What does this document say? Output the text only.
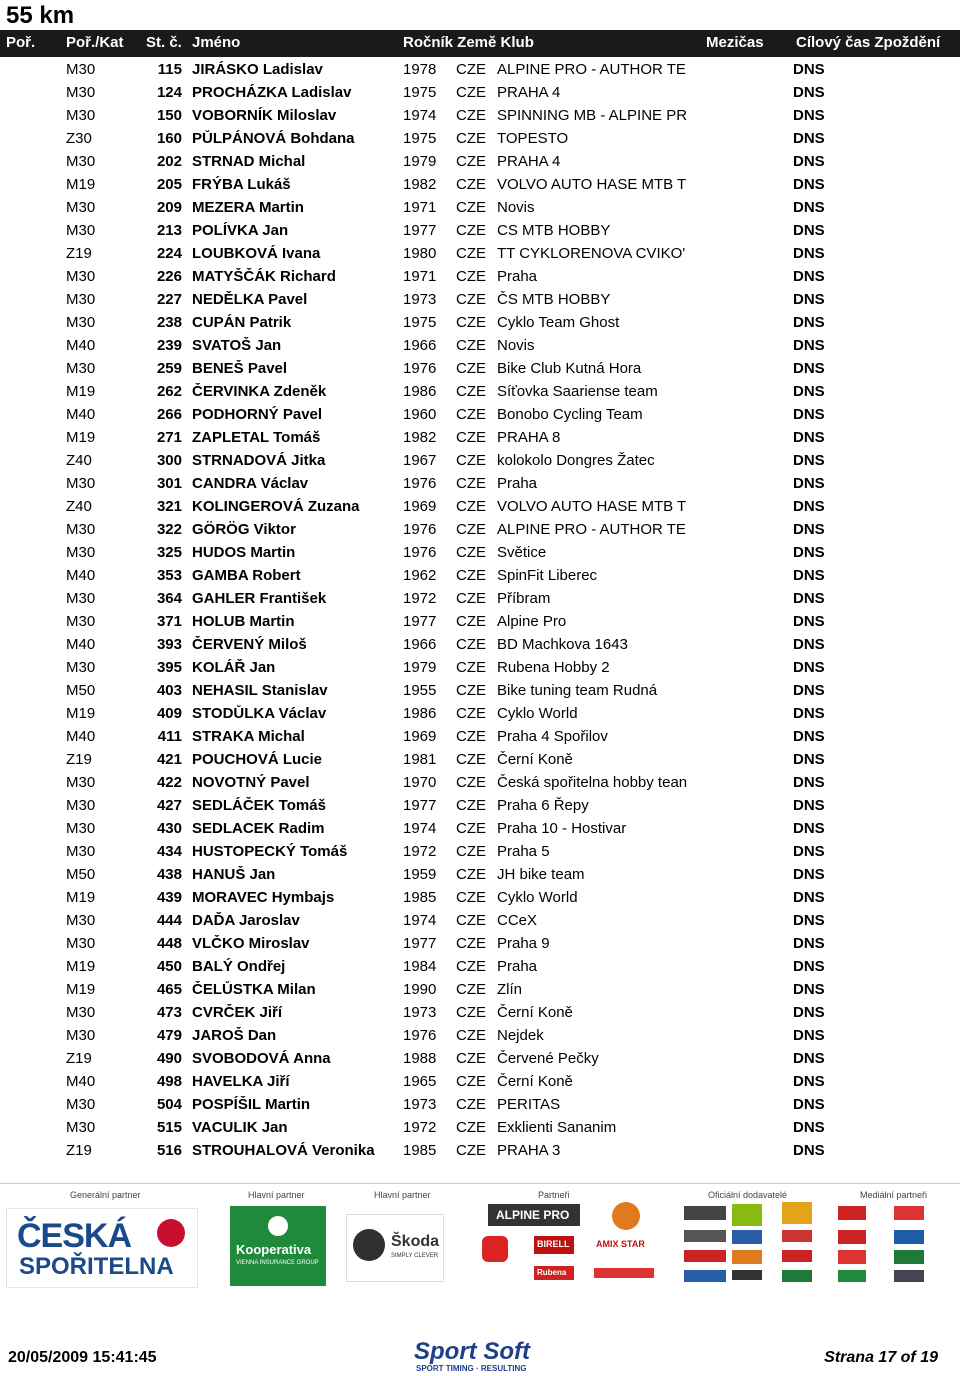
55 km
Poř. Poř./Kat St. č. Jméno	Ročník Země Klub	Mezičas Cílový čas Zpoždění
M30	115 JIRÁSKO Ladislav	1978 CZE ALPINE PRO - AUTHOR TE	DNS
M30	124 PROCHÁZKA Ladislav	1975 CZE PRAHA 4	DNS
M30	150 VOBORNÍK Miloslav	1974 CZE SPINNING MB - ALPINE PR	DNS
Z30	160 PŮLPÁNOVÁ Bohdana	1975 CZE TOPESTO	DNS
M30	202 STRNAD Michal	1979 CZE PRAHA 4	DNS
M19	205 FRÝBA Lukáš	1982 CZE VOLVO AUTO HASE MTB T	DNS
M30	209 MEZERA Martin	1971 CZE Novis	DNS
M30	213 POLÍVKA Jan	1977 CZE CS MTB HOBBY	DNS
Z19	224 LOUBKOVÁ Ivana	1980 CZE TT CYKLORENOVA CVIKO'	DNS
M30	226 MATYŠČÁK Richard	1971 CZE Praha	DNS
M30	227 NEDĚLKA Pavel	1973 CZE ČS MTB HOBBY	DNS
M30	238 CUPÁN Patrik	1975 CZE Cyklo Team Ghost	DNS
M40	239 SVATOŠ Jan	1966 CZE Novis	DNS
M30	259 BENEŠ Pavel	1976 CZE Bike Club Kutná Hora	DNS
M19	262 ČERVINKA Zdeněk	1986 CZE Síťovka Saariense team	DNS
M40	266 PODHORNÝ Pavel	1960 CZE Bonobo Cycling Team	DNS
M19	271 ZAPLETAL Tomáš	1982 CZE PRAHA 8	DNS
Z40	300 STRNADOVÁ Jitka	1967 CZE kolokolo Dongres Žatec	DNS
M30	301 CANDRA Václav	1976 CZE Praha	DNS
Z40	321 KOLINGEROVÁ Zuzana	1969 CZE VOLVO AUTO HASE MTB T	DNS
M30	322 GÖRÖG Viktor	1976 CZE ALPINE PRO - AUTHOR TE	DNS
M30	325 HUDOS Martin	1976 CZE Světice	DNS
M40	353 GAMBA Robert	1962 CZE SpinFit Liberec	DNS
M30	364 GAHLER František	1972 CZE Příbram	DNS
M30	371 HOLUB Martin	1977 CZE Alpine Pro	DNS
M40	393 ČERVENÝ Miloš	1966 CZE BD Machkova 1643	DNS
M30	395 KOLÁŘ Jan	1979 CZE Rubena Hobby 2	DNS
M50	403 NEHASIL Stanislav	1955 CZE Bike tuning team Rudná	DNS
M19	409 STODŮLKA Václav	1986 CZE Cyklo World	DNS
M40	411 STRAKA Michal	1969 CZE Praha 4 Spořilov	DNS
Z19	421 POUCHOVÁ Lucie	1981 CZE Černí Koně	DNS
M30	422 NOVOTNÝ Pavel	1970 CZE Česká spořitelna hobby tean	DNS
M30	427 SEDLÁČEK Tomáš	1977 CZE Praha 6 Řepy	DNS
M30	430 SEDLACEK Radim	1974 CZE Praha 10 - Hostivar	DNS
M30	434 HUSTOPECKÝ Tomáš	1972 CZE Praha 5	DNS
M50	438 HANUŠ Jan	1959 CZE JH bike team	DNS
M19	439 MORAVEC Hymbajs	1985 CZE Cyklo World	DNS
M30	444 DAĎA Jaroslav	1974 CZE CCeX	DNS
M30	448 VLČKO Miroslav	1977 CZE Praha 9	DNS
M19	450 BALÝ Ondřej	1984 CZE Praha	DNS
M19	465 ČELŮSTKA Milan	1990 CZE Zlín	DNS
M30	473 CVRČEK Jiří	1973 CZE Černí Koně	DNS
M30	479 JAROŠ Dan	1976 CZE Nejdek	DNS
Z19	490 SVOBODOVÁ Anna	1988 CZE Červené Pečky	DNS
M40	498 HAVELKA Jiří	1965 CZE Černí Koně	DNS
M30	504 POSPÍŠIL Martin	1973 CZE PERITAS	DNS
M30	515 VACULIK Jan	1972 CZE Exklienti Sananim	DNS
Z19	516 STROUHALOVÁ Veronika	1985 CZE PRAHA 3	DNS
Generální partner	Hlavní partner	Hlavní partner	Partneři	Oficiální dodavatelé	Mediální partneři
ČESKÁ
SPOŘITELNA
Kooperativa
VIENNA INSURANCE GROUP
Škoda
SIMPLY CLEVER
ALPINE PRO
BIRELL	AMIX STAR
Rubena
20/05/2009 15:41:45	Sport Soft
SPORT TIMING · RESULTING
Strana 17 of 19
